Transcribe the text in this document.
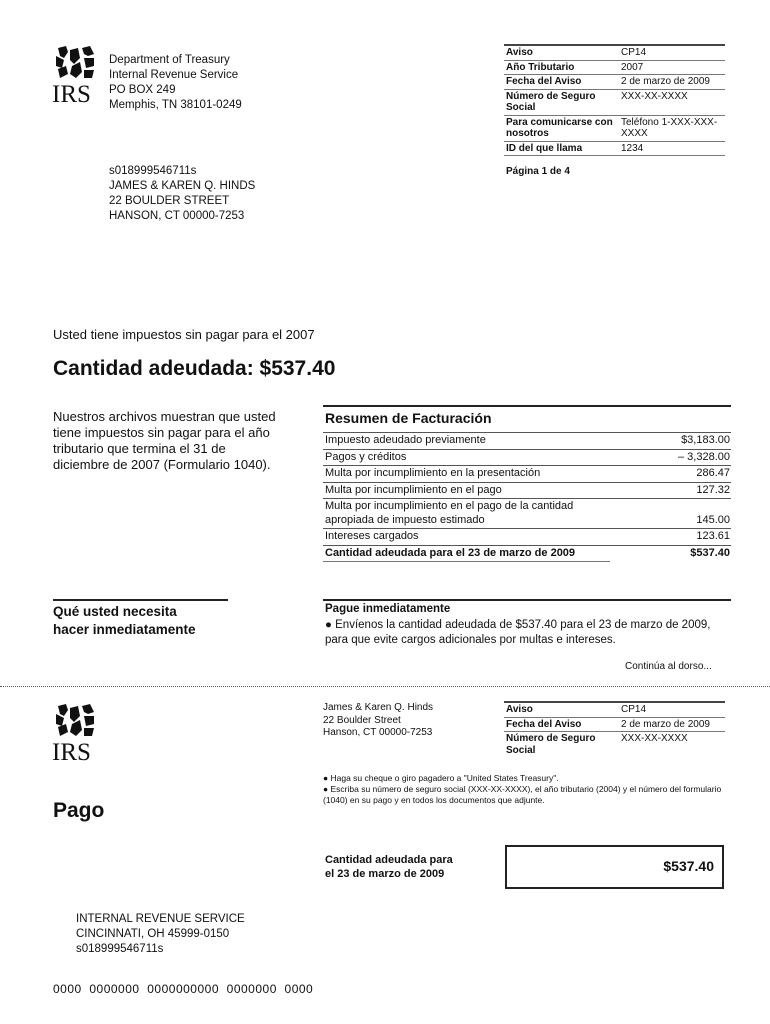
IRS
Department of Treasury
Internal Revenue Service
PO BOX 249
Memphis, TN 38101-0249
Aviso	CP14
Año Tributario	2007
Fecha del Aviso	2 de marzo de 2009
Número de Seguro Social	XXX-XX-XXXX
Para comunicarse con nosotros	Teléfono 1-XXX-XXX-XXXX
ID del que llama	1234
Página 1 de 4
s018999546711s
JAMES & KAREN Q. HINDS
22 BOULDER STREET
HANSON, CT 00000-7253
Usted tiene impuestos sin pagar para el 2007
Cantidad adeudada: $537.40
Nuestros archivos muestran que usted tiene impuestos sin pagar para el año tributario que termina el 31 de diciembre de 2007 (Formulario 1040).
Resumen de Facturación
Impuesto adeudado previamente	$3,183.00
Pagos y créditos	– 3,328.00
Multa por incumplimiento en la presentación	286.47
Multa por incumplimiento en el pago	127.32
Multa por incumplimiento en el pago de la cantidad apropiada de impuesto estimado	145.00
Intereses cargados	123.61
Cantidad adeudada para el 23 de marzo de 2009	$537.40
Qué usted necesita
hacer inmediatamente
Pague inmediatamente
● Envíenos la cantidad adeudada de $537.40 para el 23 de marzo de 2009, para que evite cargos adicionales por multas e intereses.
Continúa al dorso...
IRS
Pago
James & Karen Q. Hinds
22 Boulder Street
Hanson, CT 00000-7253
Aviso	CP14
Fecha del Aviso	2 de marzo de 2009
Número de Seguro Social	XXX-XX-XXXX
● Haga su cheque o giro pagadero a "United States Treasury".
● Escriba su número de seguro social (XXX-XX-XXXX), el año tributario (2004) y el número del formulario (1040) en su pago y en todos los documentos que adjunte.
Cantidad adeudada para
el 23 de marzo de 2009	$537.40
INTERNAL REVENUE SERVICE
CINCINNATI, OH 45999-0150
s018999546711s
0000  0000000  0000000000  0000000  0000
